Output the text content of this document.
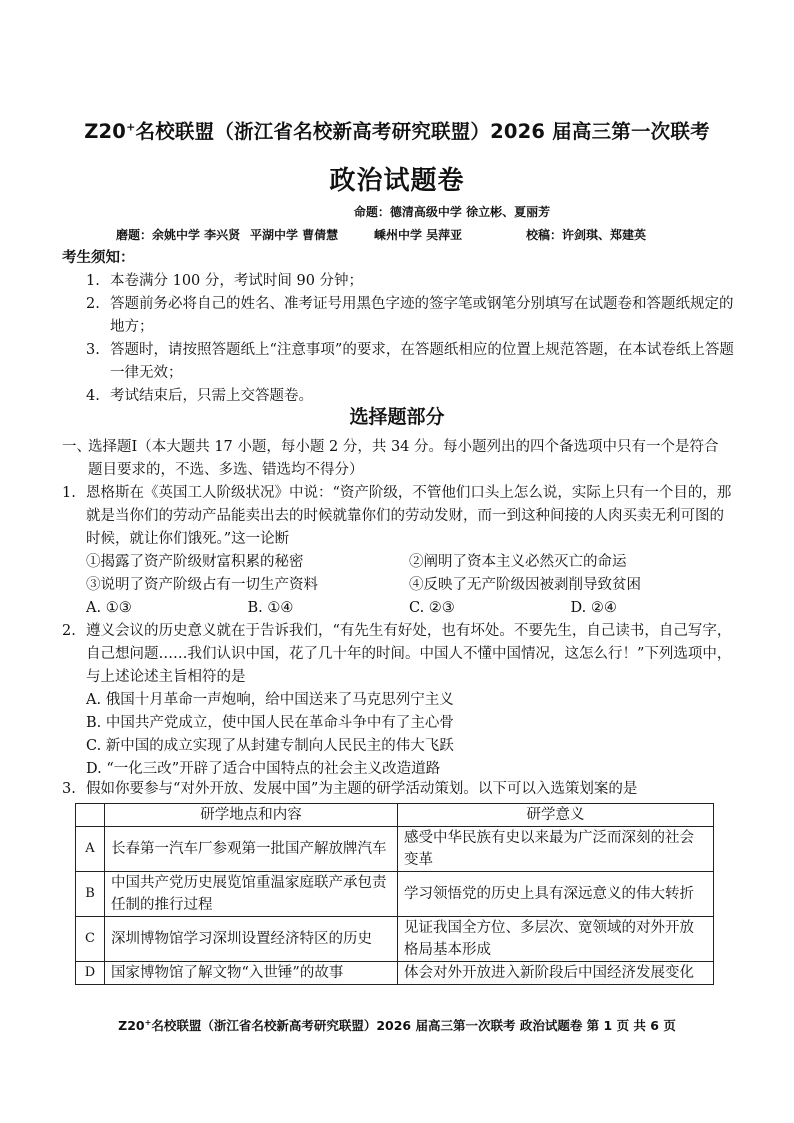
Z20+名校联盟（浙江省名校新高考研究联盟）2026 届高三第一次联考
政治试题卷
命题：德清高级中学 徐立彬、夏丽芳
磨题：余姚中学 李兴贤 平湖中学 曹倩慧	嵊州中学 吴萍亚	校稿：许剑琪、郑建英
考生须知：
1. 本卷满分 100 分，考试时间 90 分钟；
2. 答题前务必将自己的姓名、准考证号用黑色字迹的签字笔或钢笔分别填写在试题卷和答题纸规定的地方；
3. 答题时，请按照答题纸上“注意事项”的要求，在答题纸相应的位置上规范答题，在本试卷纸上答题一律无效；
4. 考试结束后，只需上交答题卷。
选择题部分
一、
选择题Ⅰ（本大题共 17 小题，每小题 2 分，共 34 分。每小题列出的四个备选项中只有一个是符合题目要求的，不选、多选、错选均不得分）
1. 恩格斯在《英国工人阶级状况》中说：“资产阶级，不管他们口头上怎么说，实际上只有一个目的，那就是当你们的劳动产品能卖出去的时候就靠你们的劳动发财，而一到这种间接的人肉买卖无利可图的时候，就让你们饿死。”这一论断
①揭露了资产阶级财富积累的秘密	②阐明了资本主义必然灭亡的命运
③说明了资产阶级占有一切生产资料	④反映了无产阶级因被剥削导致贫困
A. ①③	B. ①④	C. ②③	D. ②④
2. 遵义会议的历史意义就在于告诉我们，“有先生有好处，也有坏处。不要先生，自己读书，自己写字，自己想问题……我们认识中国，花了几十年的时间。中国人不懂中国情况，这怎么行！”下列选项中，与上述论述主旨相符的是
A. 俄国十月革命一声炮响，给中国送来了马克思列宁主义
B. 中国共产党成立，使中国人民在革命斗争中有了主心骨
C. 新中国的成立实现了从封建专制向人民民主的伟大飞跃
D. “一化三改”开辟了适合中国特点的社会主义改造道路
3. 假如你要参与“对外开放、发展中国”为主题的研学活动策划。以下可以入选策划案的是
	研学地点和内容	研学意义
A	长春第一汽车厂参观第一批国产解放牌汽车	感受中华民族有史以来最为广泛而深刻的社会变革
B	中国共产党历史展览馆重温家庭联产承包责任制的推行过程	学习领悟党的历史上具有深远意义的伟大转折
C	深圳博物馆学习深圳设置经济特区的历史	见证我国全方位、多层次、宽领域的对外开放格局基本形成
D	国家博物馆了解文物“入世锤”的故事	体会对外开放进入新阶段后中国经济发展变化
Z20+名校联盟（浙江省名校新高考研究联盟）2026 届高三第一次联考 政治试题卷 第 1 页 共 6 页
